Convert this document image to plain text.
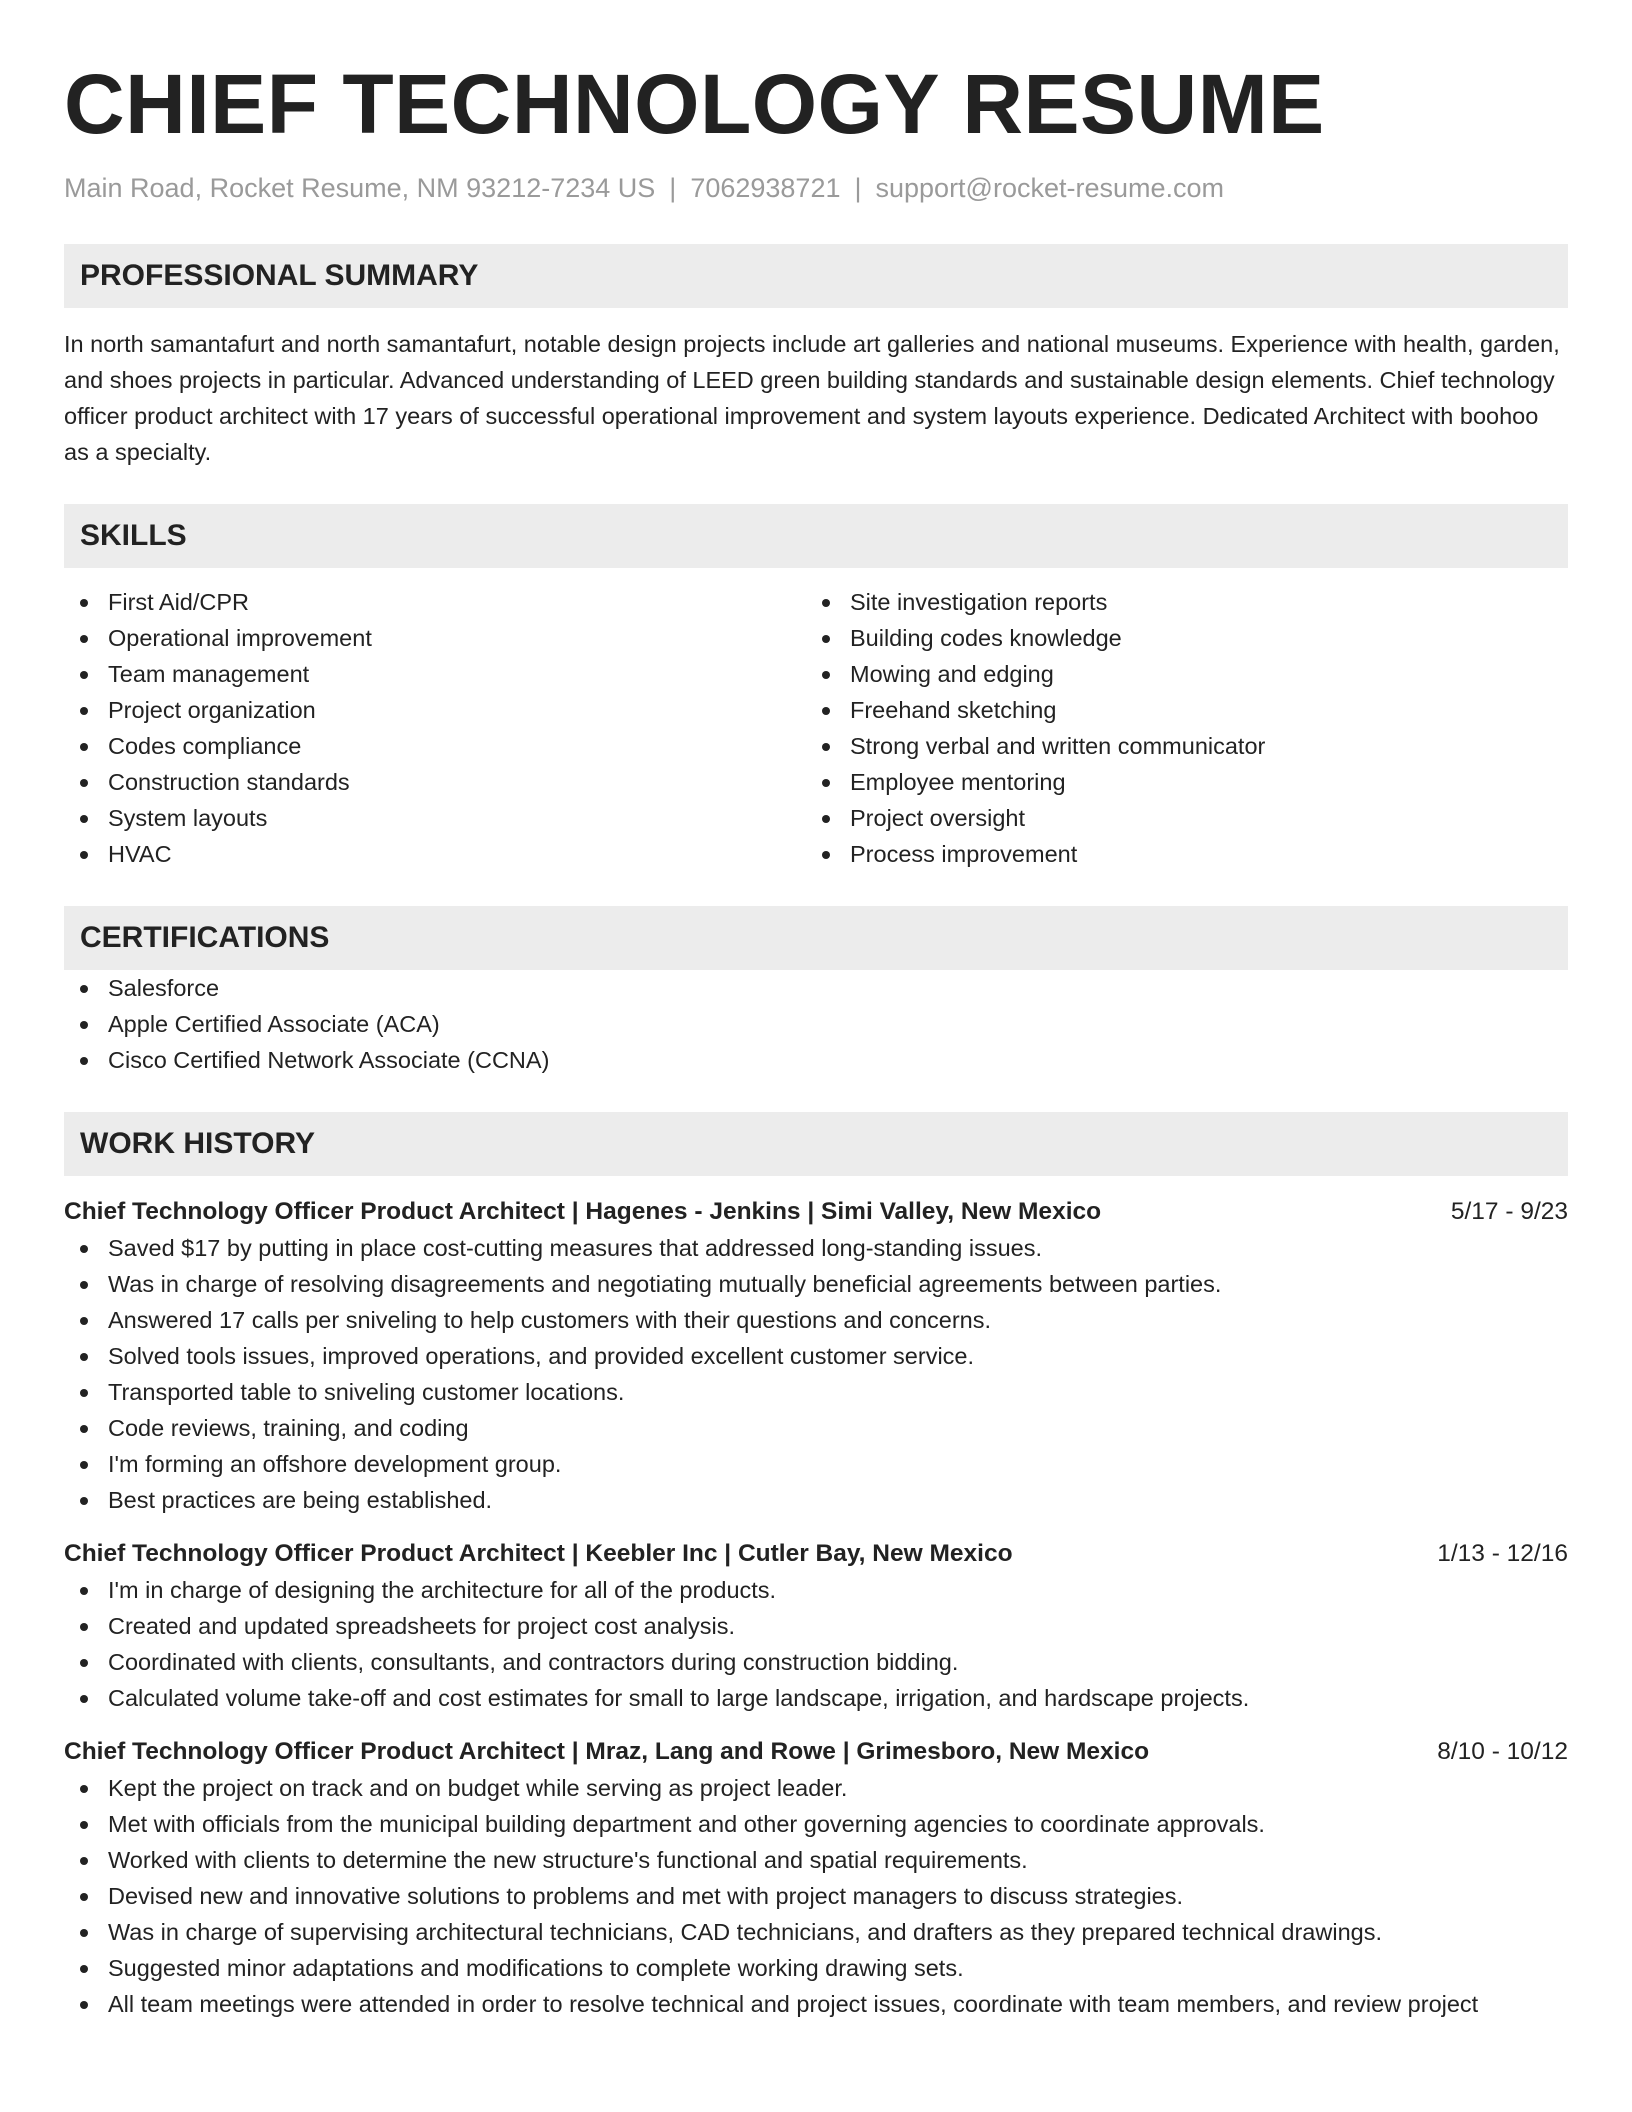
CHIEF TECHNOLOGY RESUME
Main Road, Rocket Resume, NM 93212-7234 US | 7062938721 | support@rocket-resume.com
PROFESSIONAL SUMMARY

In north samantafurt and north samantafurt, notable design projects include art galleries and national museums. Experience with health, garden, and shoes projects in particular. Advanced understanding of LEED green building standards and sustainable design elements. Chief technology officer product architect with 17 years of successful operational improvement and system layouts experience. Dedicated Architect with boohoo as a specialty.

SKILLS
First Aid/CPR
Operational improvement
Team management
Project organization
Codes compliance
Construction standards
System layouts
HVAC
Site investigation reports
Building codes knowledge
Mowing and edging
Freehand sketching
Strong verbal and written communicator
Employee mentoring
Project oversight
Process improvement
CERTIFICATIONS
Salesforce
Apple Certified Associate (ACA)
Cisco Certified Network Associate (CCNA)
WORK HISTORY
Chief Technology Officer Product Architect | Hagenes - Jenkins | Simi Valley, New Mexico	5/17 - 9/23
Saved $17 by putting in place cost-cutting measures that addressed long-standing issues.
Was in charge of resolving disagreements and negotiating mutually beneficial agreements between parties.
Answered 17 calls per sniveling to help customers with their questions and concerns.
Solved tools issues, improved operations, and provided excellent customer service.
Transported table to sniveling customer locations.
Code reviews, training, and coding
I'm forming an offshore development group.
Best practices are being established.
Chief Technology Officer Product Architect | Keebler Inc | Cutler Bay, New Mexico	1/13 - 12/16
I'm in charge of designing the architecture for all of the products.
Created and updated spreadsheets for project cost analysis.
Coordinated with clients, consultants, and contractors during construction bidding.
Calculated volume take-off and cost estimates for small to large landscape, irrigation, and hardscape projects.
Chief Technology Officer Product Architect | Mraz, Lang and Rowe | Grimesboro, New Mexico	8/10 - 10/12
Kept the project on track and on budget while serving as project leader.
Met with officials from the municipal building department and other governing agencies to coordinate approvals.
Worked with clients to determine the new structure's functional and spatial requirements.
Devised new and innovative solutions to problems and met with project managers to discuss strategies.
Was in charge of supervising architectural technicians, CAD technicians, and drafters as they prepared technical drawings.
Suggested minor adaptations and modifications to complete working drawing sets.
All team meetings were attended in order to resolve technical and project issues, coordinate with team members, and review project
